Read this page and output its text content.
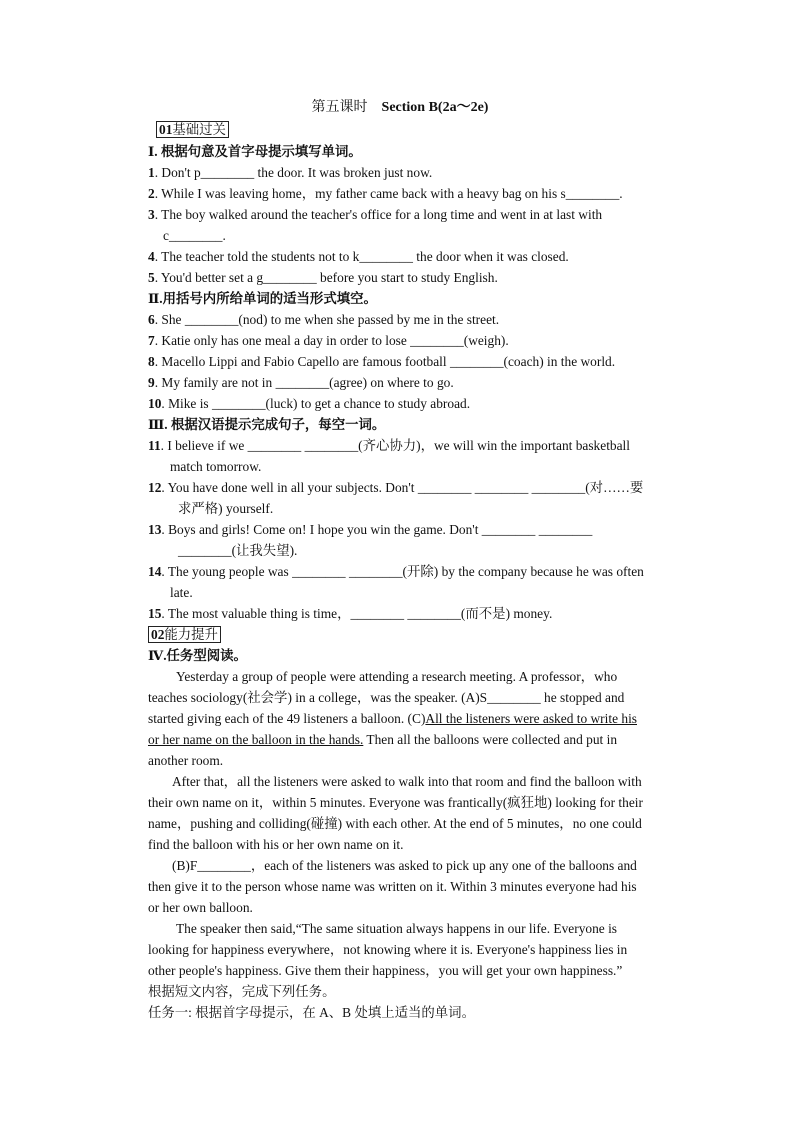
第五课时 Section B(2a～2e)
01基础过关
Ⅰ. 根据句意及首字母提示填写单词。
1. Don't p________ the door. It was broken just now.
2. While I was leaving home，my father came back with a heavy bag on his s________.
3. The boy walked around the teacher's office for a long time and went in at last with
c________.
4. The teacher told the students not to k________ the door when it was closed.
5. You'd better set a g________ before you start to study English.
Ⅱ.用括号内所给单词的适当形式填空。
6. She ________(nod) to me when she passed by me in the street.
7. Katie only has one meal a day in order to lose ________(weigh).
8. Macello Lippi and Fabio Capello are famous football ________(coach) in the world.
9. My family are not in ________(agree) on where to go.
10. Mike is ________(luck) to get a chance to study abroad.
Ⅲ. 根据汉语提示完成句子，每空一词。
11. I believe if we ________ ________(齐心协力)，we will win the important basketball
match tomorrow.
12. You have done well in all your subjects. Don't ________ ________ ________(对……要
求严格) yourself.
13. Boys and girls! Come on! I hope you win the game. Don't ________ ________
________(让我失望).
14. The young people was ________ ________(开除) by the company because he was often
late.
15. The most valuable thing is time，________ ________(而不是) money.
02能力提升
Ⅳ.任务型阅读。
Yesterday a group of people were attending a research meeting. A professor，who
teaches sociology(社会学) in a college，was the speaker. (A)S________ he stopped and
started giving each of the 49 listeners a balloon. (C)All the listeners were asked to write his
or her name on the balloon in the hands. Then all the balloons were collected and put in
another room.
After that，all the listeners were asked to walk into that room and find the balloon with
their own name on it，within 5 minutes. Everyone was frantically(疯狂地) looking for their
name，pushing and colliding(碰撞) with each other. At the end of 5 minutes，no one could
find the balloon with his or her own name on it.
(B)F________，each of the listeners was asked to pick up any one of the balloons and
then give it to the person whose name was written on it. Within 3 minutes everyone had his
or her own balloon.
The speaker then said,“The same situation always happens in our life. Everyone is
looking for happiness everywhere，not knowing where it is. Everyone's happiness lies in
other people's happiness. Give them their happiness，you will get your own happiness.”
根据短文内容，完成下列任务。
任务一: 根据首字母提示，在 A、B 处填上适当的单词。
